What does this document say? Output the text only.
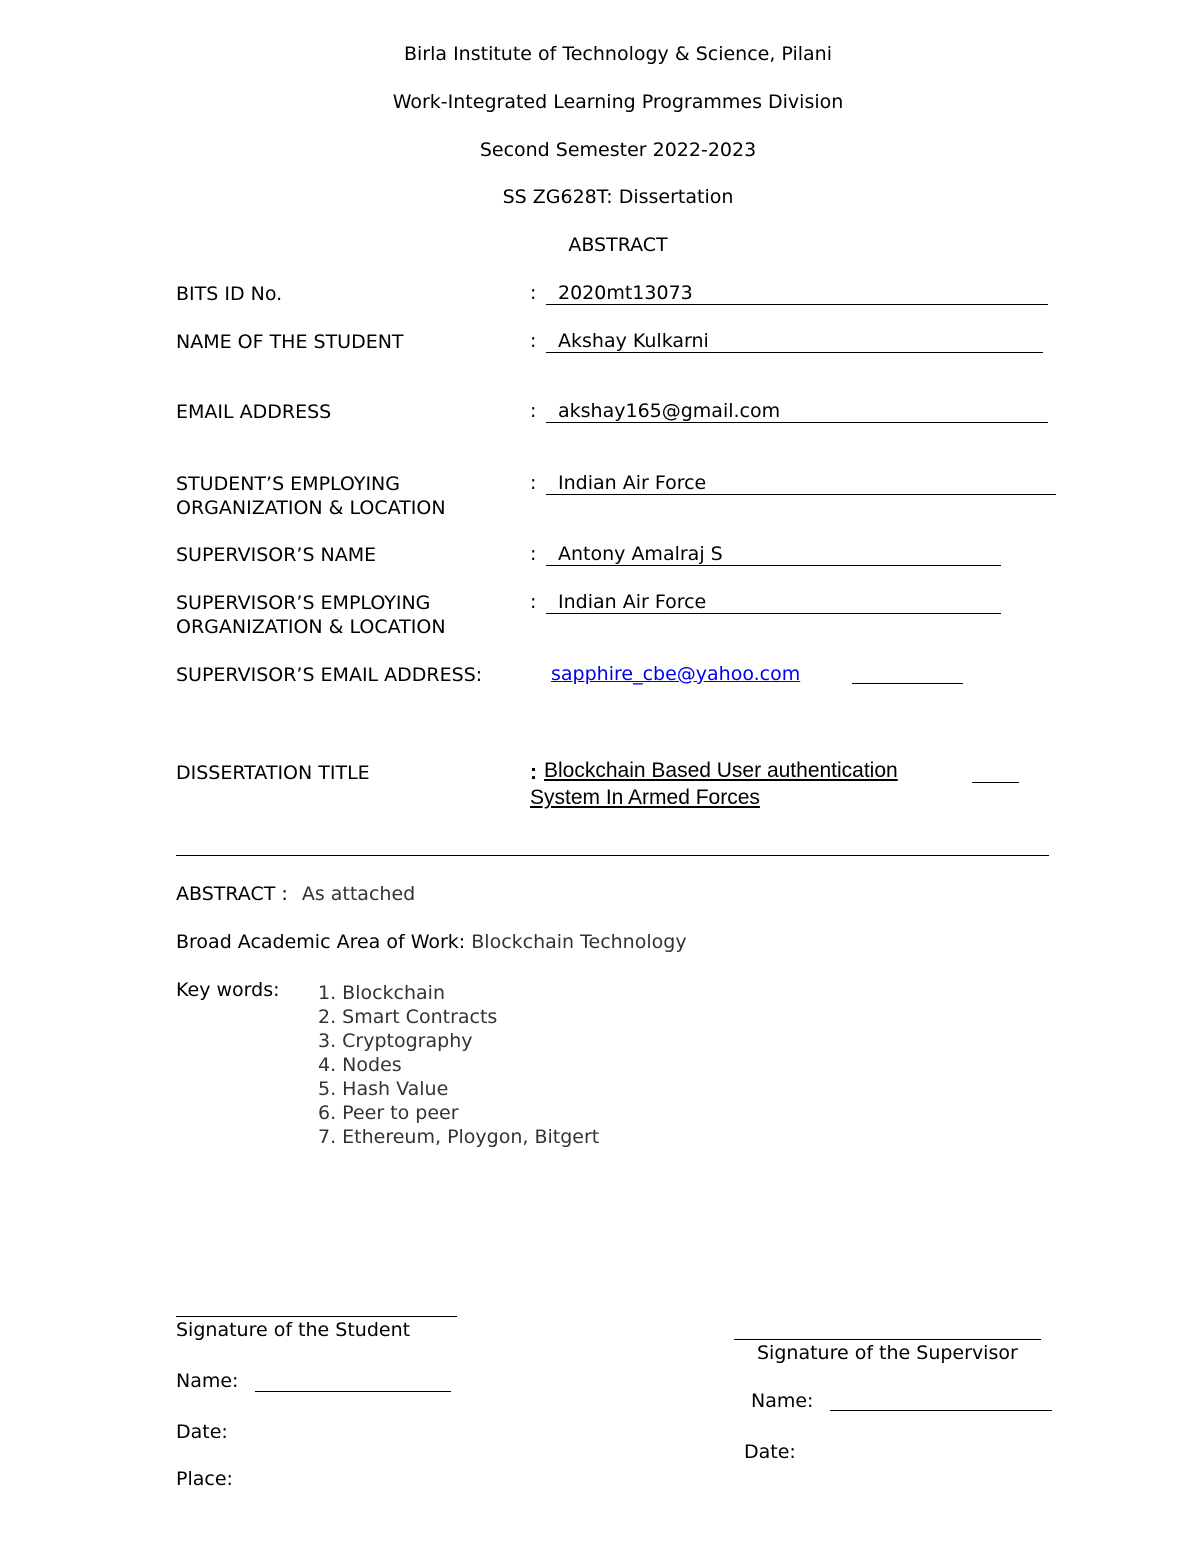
Birla Institute of Technology & Science, Pilani
Work-Integrated Learning Programmes Division
Second Semester 2022-2023
SS ZG628T: Dissertation
ABSTRACT
BITS ID No.	:	2020mt13073
NAME OF THE STUDENT	:	Akshay Kulkarni
EMAIL ADDRESS	:	akshay165@gmail.com
STUDENT’S EMPLOYING
ORGANIZATION & LOCATION
:	Indian Air Force
SUPERVISOR’S NAME	:	Antony Amalraj S
SUPERVISOR’S EMPLOYING
ORGANIZATION & LOCATION
:	Indian Air Force
SUPERVISOR’S EMAIL ADDRESS:	sapphire_cbe@yahoo.com
DISSERTATION TITLE	: Blockchain Based User authentication
System In Armed Forces
ABSTRACT : As attached
Broad Academic Area of Work: Blockchain Technology
Key words: 1. Blockchain
2. Smart Contracts
3. Cryptography
4. Nodes
5. Hash Value
6. Peer to peer
7. Ethereum, Ploygon, Bitgert
Signature of the Student
Name:
Date:
Place:
Signature of the Supervisor
Name:
Date:
